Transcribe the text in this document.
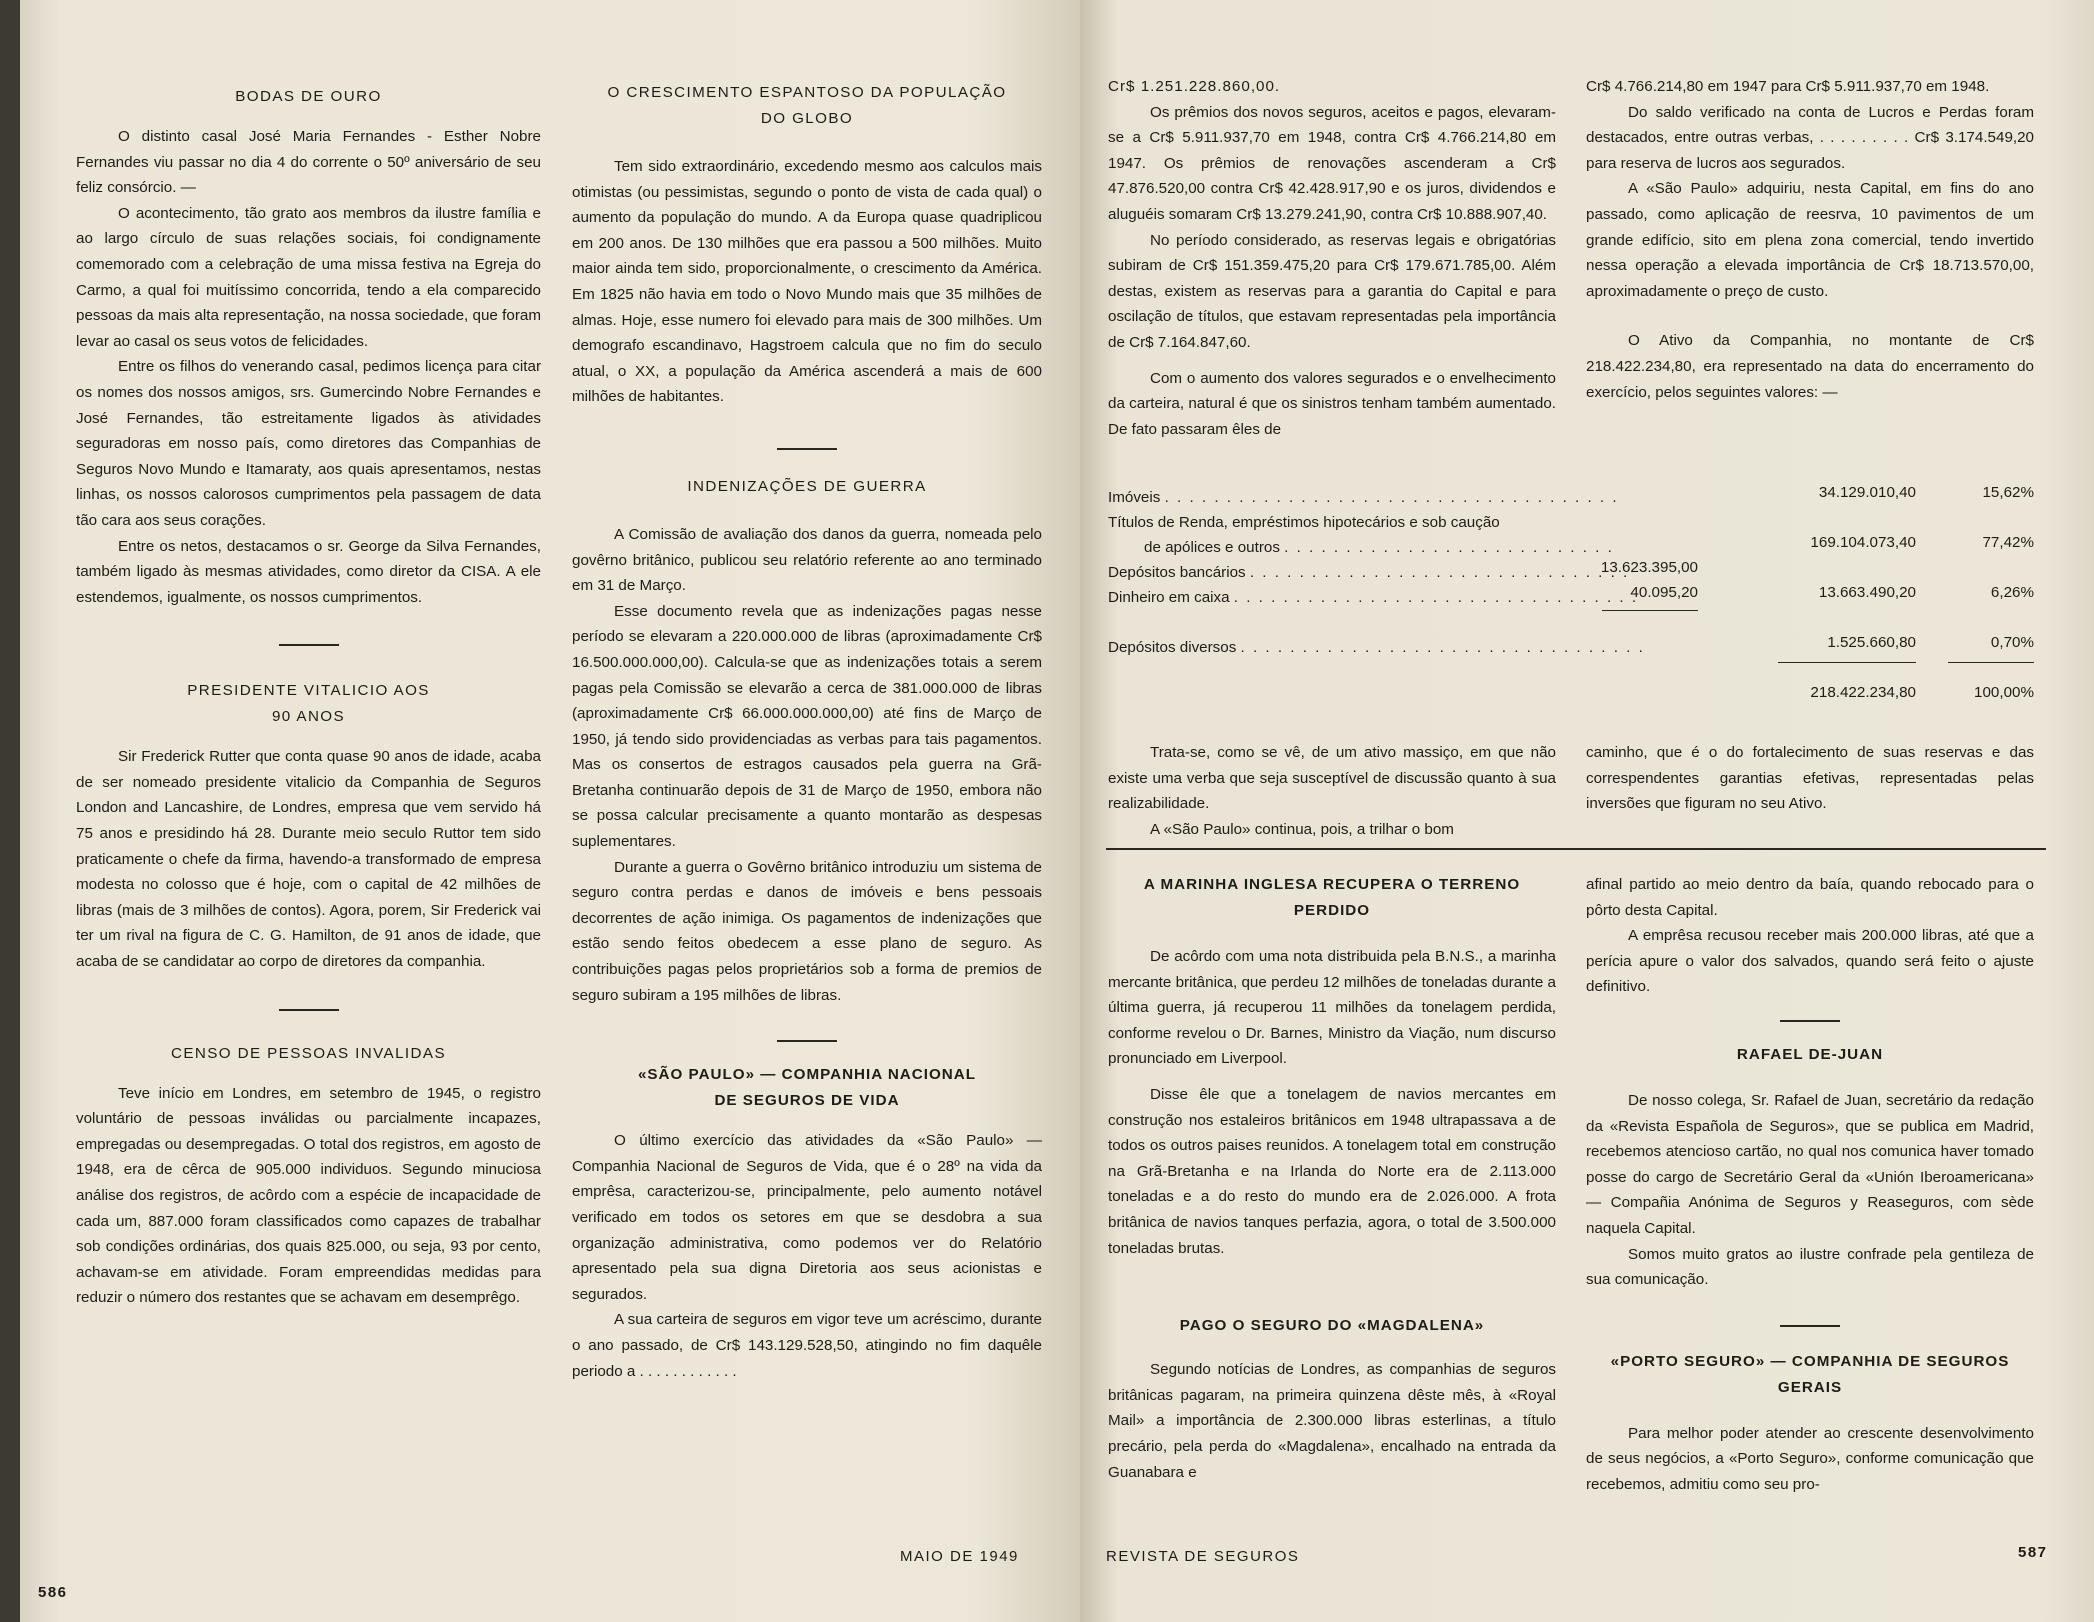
BODAS DE OURO

O distinto casal José Maria Fernandes - Esther Nobre Fernandes viu passar no dia 4 do corrente o 50º aniversário de seu feliz consórcio. —

O acontecimento, tão grato aos membros da ilustre família e ao largo círculo de suas relações sociais, foi condignamente comemorado com a celebração de uma missa festiva na Egreja do Carmo, a qual foi muitíssimo concorrida, tendo a ela comparecido pessoas da mais alta representação, na nossa sociedade, que foram levar ao casal os seus votos de felicidades.

Entre os filhos do venerando casal, pedimos licença para citar os nomes dos nossos amigos, srs. Gumercindo Nobre Fernandes e José Fernandes, tão estreitamente ligados às atividades seguradoras em nosso país, como diretores das Companhias de Seguros Novo Mundo e Itamaraty, aos quais apresentamos, nestas linhas, os nossos calorosos cumprimentos pela passagem de data tão cara aos seus corações.

Entre os netos, destacamos o sr. George da Silva Fernandes, também ligado às mesmas atividades, como diretor da CISA. A ele estendemos, igualmente, os nossos cumprimentos.

PRESIDENTE VITALICIO AOS
90 ANOS

Sir Frederick Rutter que conta quase 90 anos de idade, acaba de ser nomeado presidente vitalicio da Companhia de Seguros London and Lancashire, de Londres, empresa que vem servido há 75 anos e presidindo há 28. Durante meio seculo Ruttor tem sido praticamente o chefe da firma, havendo-a transformado de empresa modesta no colosso que é hoje, com o capital de 42 milhões de libras (mais de 3 milhões de contos). Agora, porem, Sir Frederick vai ter um rival na figura de C. G. Hamilton, de 91 anos de idade, que acaba de se candidatar ao corpo de diretores da companhia.

CENSO DE PESSOAS INVALIDAS

Teve início em Londres, em setembro de 1945, o registro voluntário de pessoas inválidas ou parcialmente incapazes, empregadas ou desempregadas. O total dos registros, em agosto de 1948, era de cêrca de 905.000 individuos. Segundo minuciosa análise dos registros, de acôrdo com a espécie de incapacidade de cada um, 887.000 foram classificados como capazes de trabalhar sob condições ordinárias, dos quais 825.000, ou seja, 93 por cento, achavam-se em atividade. Foram empreendidas medidas para reduzir o número dos restantes que se achavam em desemprêgo.

O CRESCIMENTO ESPANTOSO DA POPULAÇÃO
DO GLOBO

Tem sido extraordinário, excedendo mesmo aos calculos mais otimistas (ou pessimistas, segundo o ponto de vista de cada qual) o aumento da população do mundo. A da Europa quase quadriplicou em 200 anos. De 130 milhões que era passou a 500 milhões. Muito maior ainda tem sido, proporcionalmente, o crescimento da América. Em 1825 não havia em todo o Novo Mundo mais que 35 milhões de almas. Hoje, esse numero foi elevado para mais de 300 milhões. Um demografo escandinavo, Hagstroem calcula que no fim do seculo atual, o XX, a população da América ascenderá a mais de 600 milhões de habitantes.

INDENIZAÇÕES DE GUERRA

A Comissão de avaliação dos danos da guerra, nomeada pelo govêrno britânico, publicou seu relatório referente ao ano terminado em 31 de Março.

Esse documento revela que as indenizações pagas nesse período se elevaram a 220.000.000 de libras (aproximadamente Cr$ 16.500.000.000,00). Calcula-se que as indenizações totais a serem pagas pela Comissão se elevarão a cerca de 381.000.000 de libras (aproximadamente Cr$ 66.000.000.000,00) até fins de Março de 1950, já tendo sido providenciadas as verbas para tais pagamentos. Mas os consertos de estragos causados pela guerra na Grã-Bretanha continuarão depois de 31 de Março de 1950, embora não se possa calcular precisamente a quanto montarão as despesas suplementares.

Durante a guerra o Govêrno britânico introduziu um sistema de seguro contra perdas e danos de imóveis e bens pessoais decorrentes de ação inimiga. Os pagamentos de indenizações que estão sendo feitos obedecem a esse plano de seguro. As contribuições pagas pelos proprietários sob a forma de premios de seguro subiram a 195 milhões de libras.

«SÃO PAULO» — COMPANHIA NACIONAL
DE SEGUROS DE VIDA

O último exercício das atividades da «São Paulo» — Companhia Nacional de Seguros de Vida, que é o 28º na vida da emprêsa, caracterizou-se, principalmente, pelo aumento notável verificado em todos os setores em que se desdobra a sua organização administrativa, como podemos ver do Relatório apresentado pela sua digna Diretoria aos seus acionistas e segurados.

A sua carteira de seguros em vigor teve um acréscimo, durante o ano passado, de Cr$ 143.129.528,50, atingindo no fim daquêle periodo a . . . . . . . . . . . .

586
MAIO DE 1949
Cr$ 1.251.228.860,00.

Os prêmios dos novos seguros, aceitos e pagos, elevaram-se a Cr$ 5.911.937,70 em 1948, contra Cr$ 4.766.214,80 em 1947. Os prêmios de renovações ascenderam a Cr$ 47.876.520,00 contra Cr$ 42.428.917,90 e os juros, dividendos e aluguéis somaram Cr$ 13.279.241,90, contra Cr$ 10.888.907,40.

No período considerado, as reservas legais e obrigatórias subiram de Cr$ 151.359.475,20 para Cr$ 179.671.785,00. Além destas, existem as reservas para a garantia do Capital e para oscilação de títulos, que estavam representadas pela importância de Cr$ 7.164.847,60.

Com o aumento dos valores segurados e o envelhecimento da carteira, natural é que os sinistros tenham também aumentado. De fato passaram êles de

Cr$ 4.766.214,80 em 1947 para Cr$ 5.911.937,70 em 1948.

Do saldo verificado na conta de Lucros e Perdas foram destacados, entre outras verbas, . . . . . . . . . Cr$ 3.174.549,20 para reserva de lucros aos segurados.

A «São Paulo» adquiriu, nesta Capital, em fins do ano passado, como aplicação de reesrva, 10 pavimentos de um grande edifício, sito em plena zona comercial, tendo invertido nessa operação a elevada importância de Cr$ 18.713.570,00, aproximadamente o preço de custo.

O Ativo da Companhia, no montante de Cr$ 218.422.234,80, era representado na data do encerramento do exercício, pelos seguintes valores: —

Imóveis . . . . . . . . . . . . . . . . . . . . . . . . . . . . . . . . . . . . .
Títulos de Renda, empréstimos hipotecários e sob caução
de apólices e outros . . . . . . . . . . . . . . . . . . . . . . . . . . .
Depósitos bancários . . . . . . . . . . . . . . . . . . . . . . . . . . . . . . .
Dinheiro em caixa . . . . . . . . . . . . . . . . . . . . . . . . . . . . . . . . .
Depósitos diversos . . . . . . . . . . . . . . . . . . . . . . . . . . . . . . . . .
13.623.395,00
40.095,20
34.129.010,40
169.104.073,40
13.663.490,20
1.525.660,80
218.422.234,80
15,62%
77,42%
6,26%
0,70%
100,00%

Trata-se, como se vê, de um ativo massiço, em que não existe uma verba que seja susceptível de discussão quanto à sua realizabilidade.

A «São Paulo» continua, pois, a trilhar o bom

caminho, que é o do fortalecimento de suas reservas e das correspendentes garantias efetivas, representadas pelas inversões que figuram no seu Ativo.

A MARINHA INGLESA RECUPERA O TERRENO
PERDIDO

De acôrdo com uma nota distribuida pela B.N.S., a marinha mercante britânica, que perdeu 12 milhões de toneladas durante a última guerra, já recuperou 11 milhões da tonelagem perdida, conforme revelou o Dr. Barnes, Ministro da Viação, num discurso pronunciado em Liverpool.

Disse êle que a tonelagem de navios mercantes em construção nos estaleiros britânicos em 1948 ultrapassava a de todos os outros paises reunidos. A tonelagem total em construção na Grã-Bretanha e na Irlanda do Norte era de 2.113.000 toneladas e a do resto do mundo era de 2.026.000. A frota britânica de navios tanques perfazia, agora, o total de 3.500.000 toneladas brutas.

PAGO O SEGURO DO «MAGDALENA»

Segundo notícias de Londres, as companhias de seguros britânicas pagaram, na primeira quinzena dêste mês, à «Royal Mail» a importância de 2.300.000 libras esterlinas, a título precário, pela perda do «Magdalena», encalhado na entrada da Guanabara e

afinal partido ao meio dentro da baía, quando rebocado para o pôrto desta Capital.

A emprêsa recusou receber mais 200.000 libras, até que a perícia apure o valor dos salvados, quando será feito o ajuste definitivo.

RAFAEL DE-JUAN

De nosso colega, Sr. Rafael de Juan, secretário da redação da «Revista Española de Seguros», que se publica em Madrid, recebemos atencioso cartão, no qual nos comunica haver tomado posse do cargo de Secretário Geral da «Unión Iberoamericana» — Compañia Anónima de Seguros y Reaseguros, com sède naquela Capital.

Somos muito gratos ao ilustre confrade pela gentileza de sua comunicação.

«PORTO SEGURO» — COMPANHIA DE SEGUROS
GERAIS

Para melhor poder atender ao crescente desenvolvimento de seus negócios, a «Porto Seguro», conforme comunicação que recebemos, admitiu como seu pro-

REVISTA DE SEGUROS	587
